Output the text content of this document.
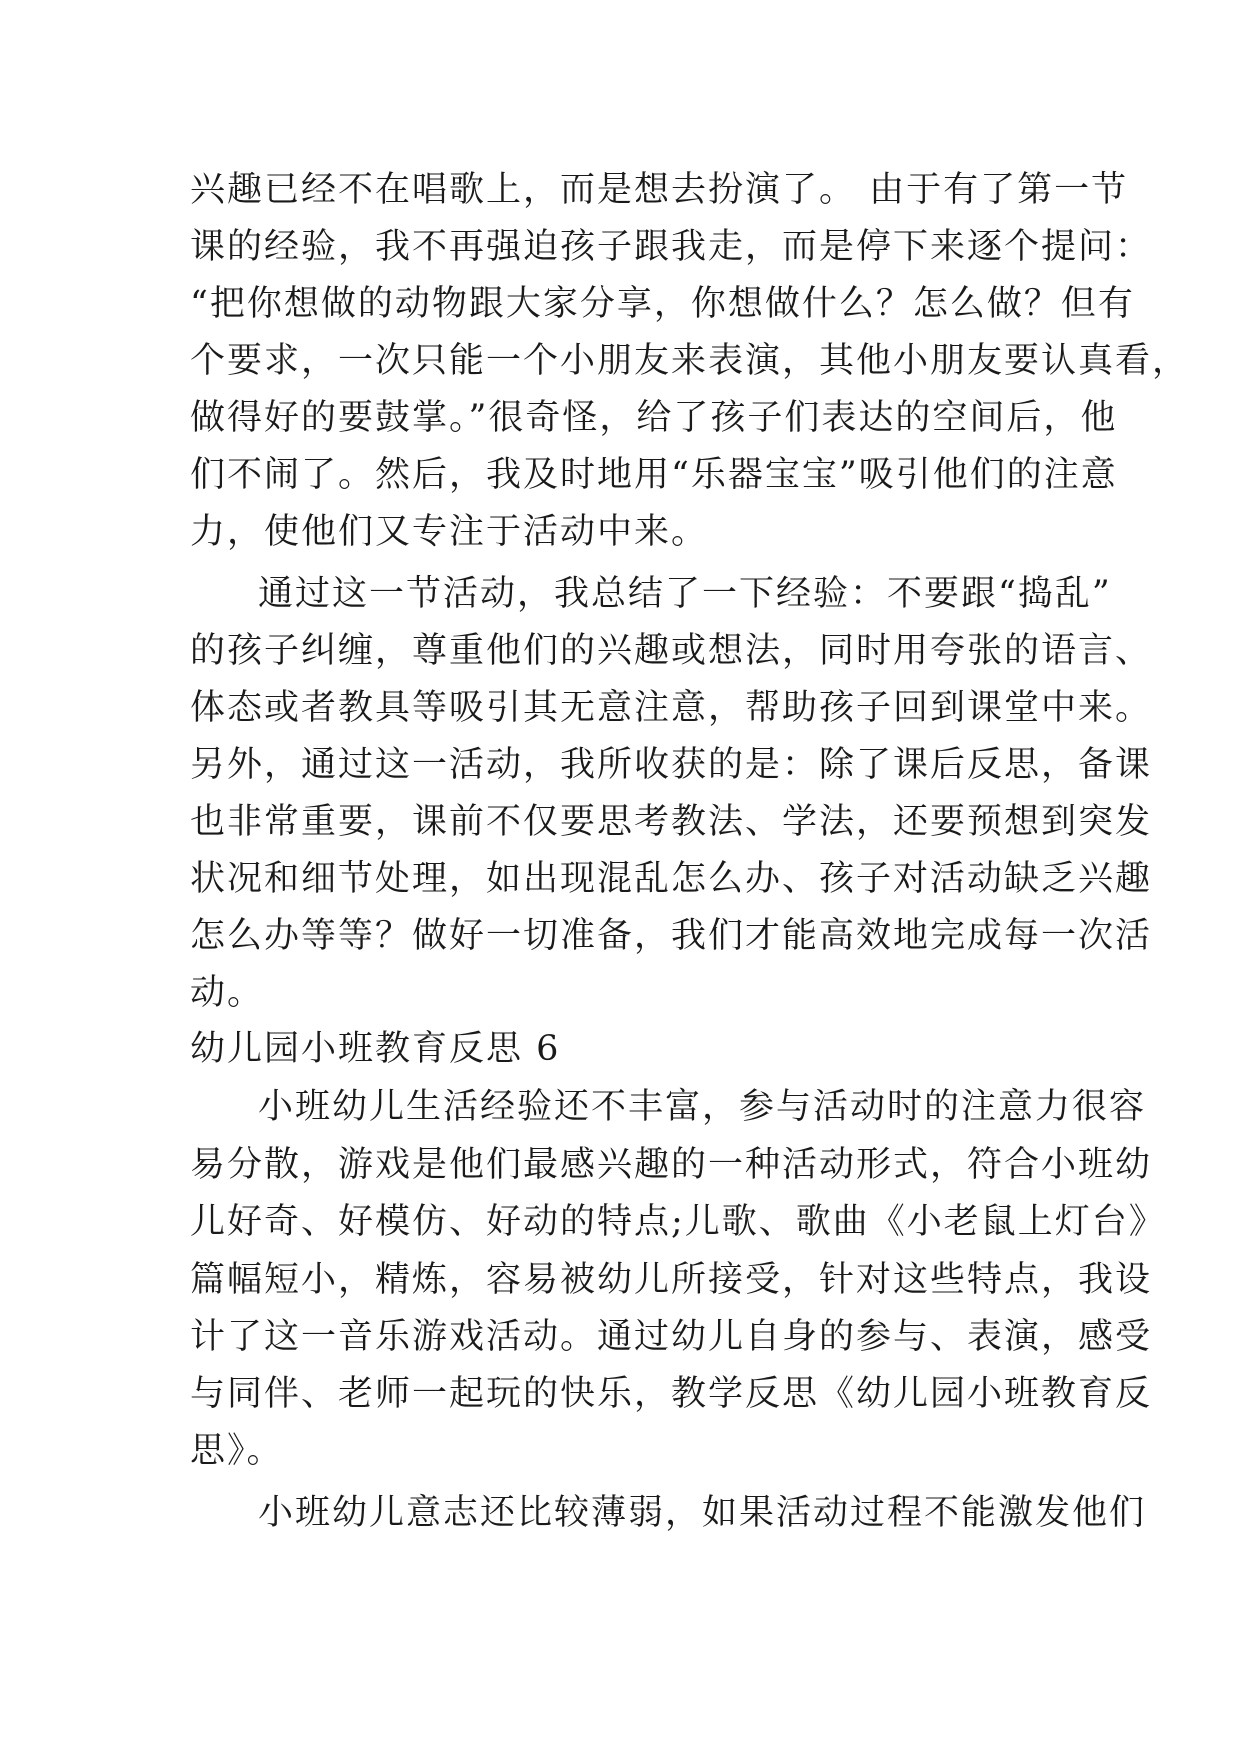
兴趣已经不在唱歌上，而是想去扮演了。 由于有了第一节
课的经验，我不再强迫孩子跟我走，而是停下来逐个提问：
“把你想做的动物跟大家分享，你想做什么？怎么做？但有
个要求，一次只能一个小朋友来表演，其他小朋友要认真看，
做得好的要鼓掌。”很奇怪，给了孩子们表达的空间后，他
们不闹了。然后，我及时地用“乐器宝宝”吸引他们的注意
力，使他们又专注于活动中来。
通过这一节活动，我总结了一下经验：不要跟“捣乱”
的孩子纠缠，尊重他们的兴趣或想法，同时用夸张的语言、
体态或者教具等吸引其无意注意，帮助孩子回到课堂中来。
另外，通过这一活动，我所收获的是：除了课后反思，备课
也非常重要，课前不仅要思考教法、学法，还要预想到突发
状况和细节处理，如出现混乱怎么办、孩子对活动缺乏兴趣
怎么办等等？做好一切准备，我们才能高效地完成每一次活
动。
幼儿园小班教育反思 6
小班幼儿生活经验还不丰富，参与活动时的注意力很容
易分散，游戏是他们最感兴趣的一种活动形式，符合小班幼
儿好奇、好模仿、好动的特点;儿歌、歌曲《小老鼠上灯台》
篇幅短小，精炼，容易被幼儿所接受，针对这些特点，我设
计了这一音乐游戏活动。通过幼儿自身的参与、表演，感受
与同伴、老师一起玩的快乐，教学反思《幼儿园小班教育反
思》。
小班幼儿意志还比较薄弱，如果活动过程不能激发他们
